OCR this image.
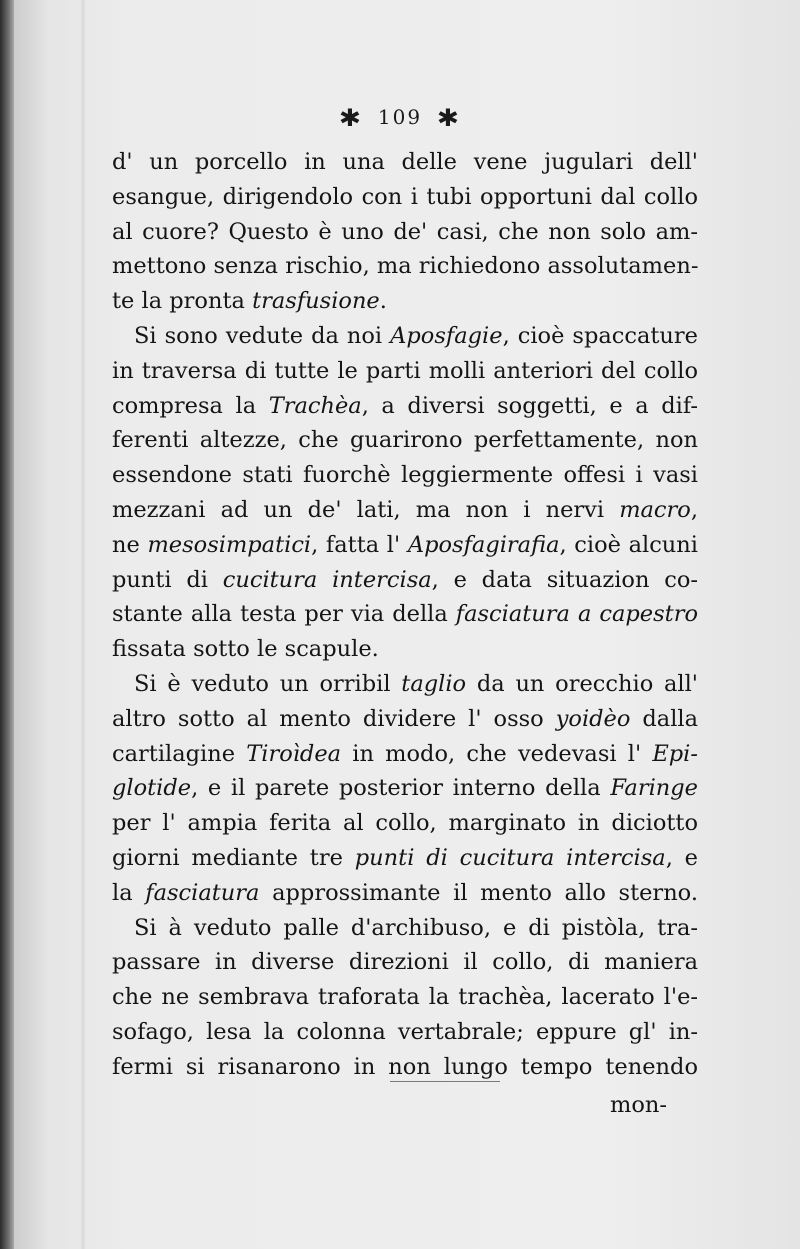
✱ 109 ✱
d' un porcello in una delle vene jugulari dell'
esangue, dirigendolo con i tubi opportuni dal collo
al cuore? Questo è uno de' casi, che non solo am-
mettono senza rischio, ma richiedono assolutamen-
te la pronta trasfusione.
Si sono vedute da noi Aposfagie, cioè spaccature
in traversa di tutte le parti molli anteriori del collo
compresa la Trachèa, a diversi soggetti, e a dif-
ferenti altezze, che guarirono perfettamente, non
essendone stati fuorchè leggiermente offesi i vasi
mezzani ad un de' lati, ma non i nervi macro,
ne mesosimpatici, fatta l' Aposfagirafia, cioè alcuni
punti di cucitura intercisa, e data situazion co-
stante alla testa per via della fasciatura a capestro
fissata sotto le scapule.
Si è veduto un orribil taglio da un orecchio all'
altro sotto al mento dividere l' osso yoidèo dalla
cartilagine Tiroìdea in modo, che vedevasi l' Epi-
glotide, e il parete posterior interno della Faringe
per l' ampia ferita al collo, marginato in diciotto
giorni mediante tre punti di cucitura intercisa, e
la fasciatura approssimante il mento allo sterno.
Si à veduto palle d'archibuso, e di pistòla, tra-
passare in diverse direzioni il collo, di maniera
che ne sembrava traforata la trachèa, lacerato l'e-
sofago, lesa la colonna vertabrale; eppure gl' in-
fermi si risanarono in non lungo tempo tenendo
mon-
